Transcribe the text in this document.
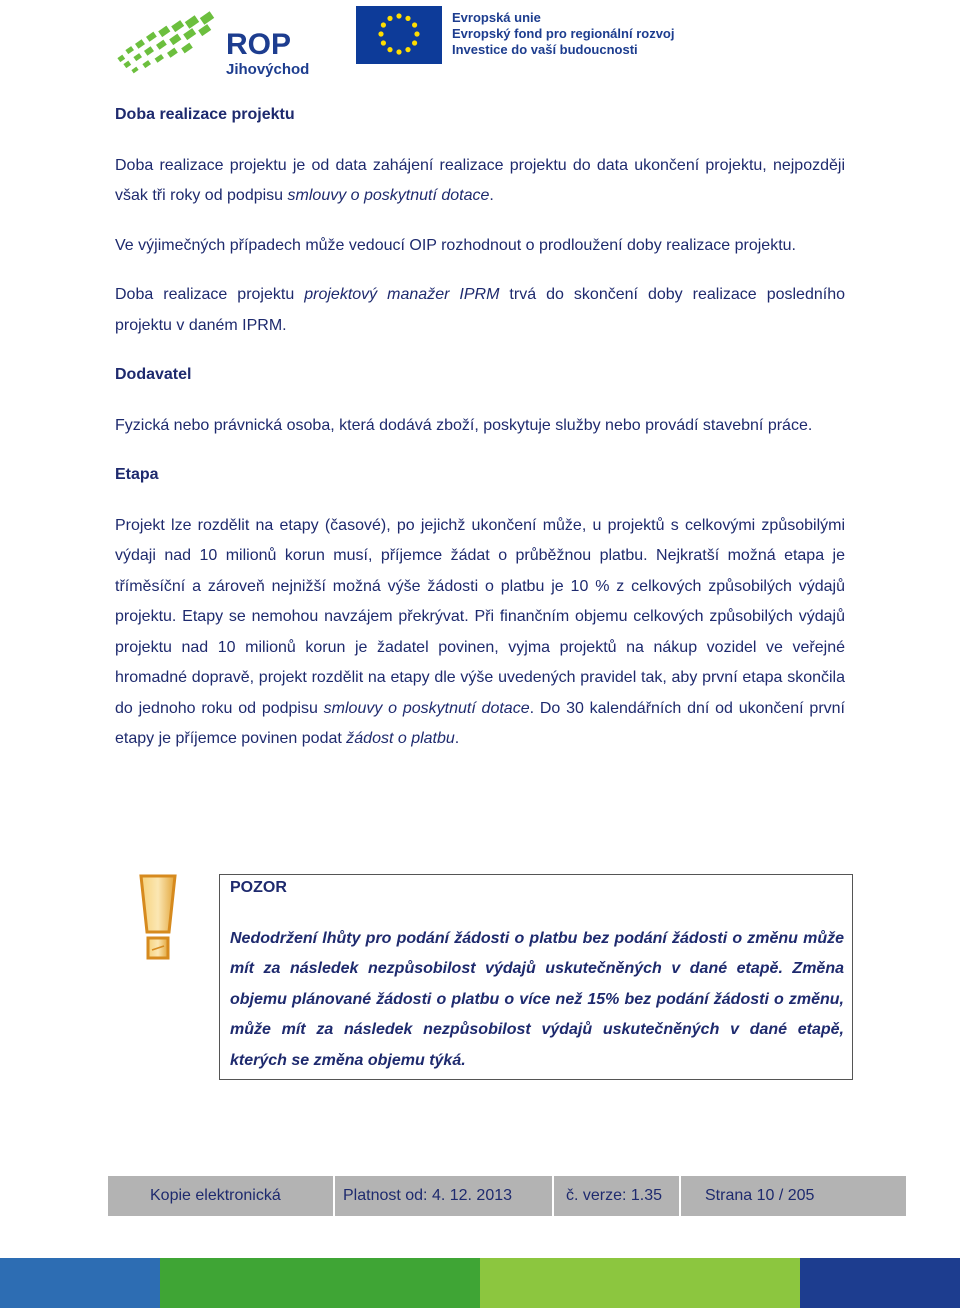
ROP
Jihovýchod
Evropská unie
Evropský fond pro regionální rozvoj
Investice do vaší budoucnosti
Doba realizace projektu

Doba realizace projektu je od data zahájení realizace projektu do data ukončení projektu, nejpozději však tři roky od podpisu smlouvy o poskytnutí dotace.

Ve výjimečných případech může vedoucí OIP rozhodnout o prodloužení doby realizace projektu.

Doba realizace projektu projektový manažer IPRM trvá do skončení doby realizace posledního projektu v daném IPRM.

Dodavatel

Fyzická nebo právnická osoba, která dodává zboží, poskytuje služby nebo provádí stavební práce.

Etapa

Projekt lze rozdělit na etapy (časové), po jejichž ukončení může, u projektů s celkovými způsobilými výdaji nad 10 milionů korun musí, příjemce žádat o průběžnou platbu. Nejkratší možná etapa je tříměsíční a zároveň nejnižší možná výše žádosti o platbu je 10 % z celkových způsobilých výdajů projektu. Etapy se nemohou navzájem překrývat. Při finančním objemu celkových způsobilých výdajů projektu nad 10 milionů korun je žadatel povinen, vyjma projektů na nákup vozidel ve veřejné hromadné dopravě, projekt rozdělit na etapy dle výše uvedených pravidel tak, aby první etapa skončila do jednoho roku od podpisu smlouvy o poskytnutí dotace. Do 30 kalendářních dní od ukončení první etapy je příjemce povinen podat žádost o platbu.

POZOR

Nedodržení lhůty pro podání žádosti o platbu bez podání žádosti o změnu může mít za následek nezpůsobilost výdajů uskutečněných v dané etapě. Změna objemu plánované žádosti o platbu o více než 15% bez podání žádosti o změnu, může mít za následek nezpůsobilost výdajů uskutečněných v dané etapě, kterých se změna objemu týká.

Kopie elektronická	Platnost od: 4. 12. 2013	č. verze: 1.35	Strana 10 / 205
